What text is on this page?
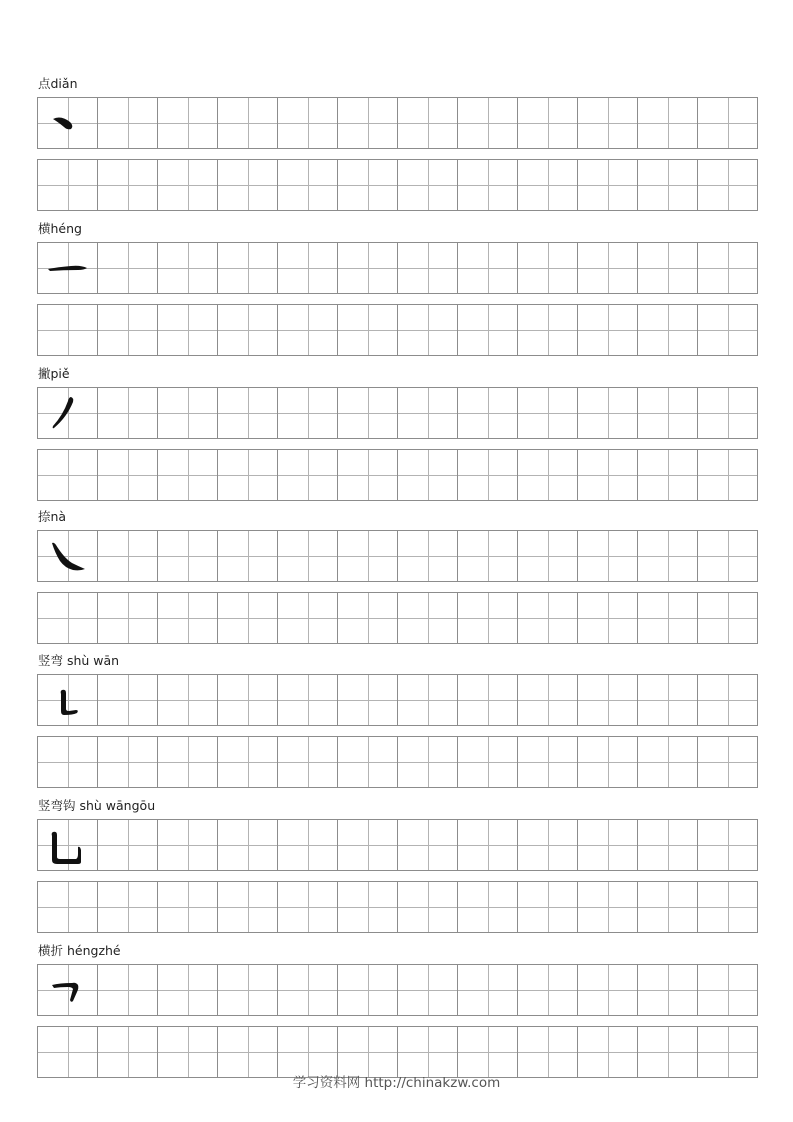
点diǎn
横héng
撇piě
捺nà
竖弯 shù wān
竖弯钩 shù wāngōu
横折 héngzhé
学习资料网 http://chinakzw.com
